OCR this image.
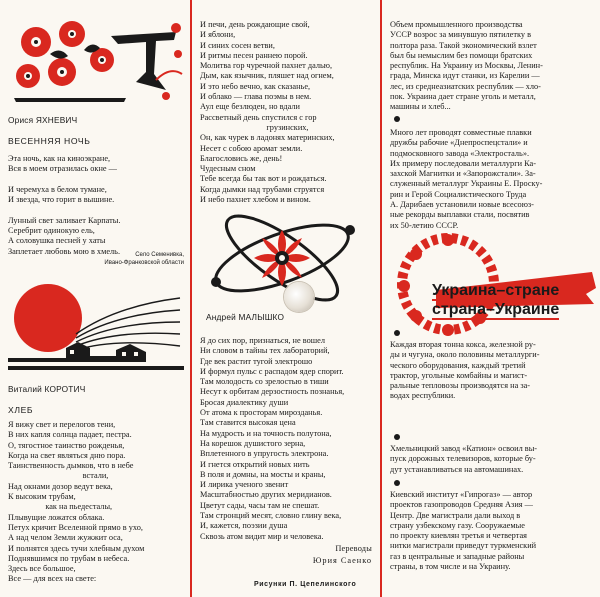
Орися ЯХНЕВИЧ

ВЕСЕННЯЯ НОЧЬ

Эта ночь, как на киноэкране,
Вся в моем отразилась окне —

И черемуха в белом тумане,
И звезда, что горит в вышине.

Лунный свет заливает Карпаты.
Серебрит одинокую ель,
А соловушка песней у хаты
Заплетает любовь мою в хмель.	Село Семенивка,
Ивано-Франковской области

Виталий КОРОТИЧ

ХЛЕБ

Я вижу свет и перелогов тени,
В них капля солнца падает, пестра.
О, тягостное таинство рожденья,
Когда на свет являться дню пора.
Таинственность дымков, что в небе
встали,
Над окнами дозор ведут века,
К высоким трубам,
как на пьедесталы,
Плывущие ложатся облака.
Петух кричит Вселенной прямо в ухо,
А над челом Земли жужжит оса,
И полнятся здесь тучи хлебным духом
Поднявшимся по трубам в небеса.
Здесь все большое,
Все — для всех на свете:

И печи, день рождающие свой,
И яблони,
И синих сосен ветви,
И ритмы песен раннею порой.
Молитва гор чуречной пахнет далью,
Дым, как язычник, пляшет над огнем,
И это небо вечно, как сказанье,
И облако — глава поэмы в нем.
Аул еще безлюден, но вдали
Рассветный день спустился с гор
грузинских,
Он, как чурек в ладонях материнских,
Несет с собою аромат земли.
Благословись же, день!
Чудесным сном
Тебе всегда бы так вот и рождаться.
Когда дымки над трубами струятся
И небо пахнет хлебом и вином.

Андрей МАЛЫШКО

Я до сих пор, признаться, не вошел
Ни словом в тайны тех лабораторий,
Где век растит тугой электрошо
И формул пульс с распадом ядер спорит.
Там молодость со зрелостью в тиши
Несут к орбитам дерзостность познанья,
Бросая диалектику души
От атома к просторам мирозданья.
Там ставится высокая цена
На мудрость и на точность полутона,
На корешок душистого зерна,
Вплетенного в упругость электрона.
И гнется открытий новых нить
В поля и домны, на мосты и краны,
И лирика ученого звенит
Масштабностью других меридианов.
Цветут сады, часы там не спешат.
Там стронций месят, словно глину века,
И, кажется, поэзии душа
Сквозь атом видит мир и человека.

Переводы

Юрия Саенко

Рисунки П. Цепелинского

Объем промышленного производства
УССР возрос за минувшую пятилетку в
полтора раза. Такой экономический взлет
был бы немыслим без помощи братских
республик. На Украину из Москвы, Ленин-
града, Минска идут станки, из Карелии —
лес, из среднеазиатских республик — хло-
пок. Украина дает стране уголь и металл,
машины и хлеб...

Много лет проводят совместные плавки
дружбы рабочие «Днепроспецстали» и
подмосковного завода «Электросталь».
Их примеру последовали металлурги Ка-
захской Магнитки и «Запорожстали». За-
служенный металлург Украины Е. Проску-
рин и Герой Социалистического Труда
А. Дарибаев установили новые всесоюз-
ные рекорды выплавки стали, посвятив
их 50-летию СССР.

Украина–стране
страна–Украине

Каждая вторая тонна кокса, железной ру-
ды и чугуна, около половины металлурги-
ческого оборудования, каждый третий
трактор, угольные комбайны и магист-
ральные тепловозы производятся на за-
водах республики.

Хмельницкий завод «Катион» освоил вы-
пуск дорожных телевизоров, которые бу-
дут устанавливаться на автомашинах.

Киевский институт «Гипрогаз» — автор
проектов газопроводов Средняя Азия —
Центр. Две магистрали дали выход в
страну узбекскому газу. Сооружаемые
по проекту киевлян третья и четвертая
нитки магистрали приведут туркменский
газ в центральные и западные районы
страны, в том числе и на Украину.
